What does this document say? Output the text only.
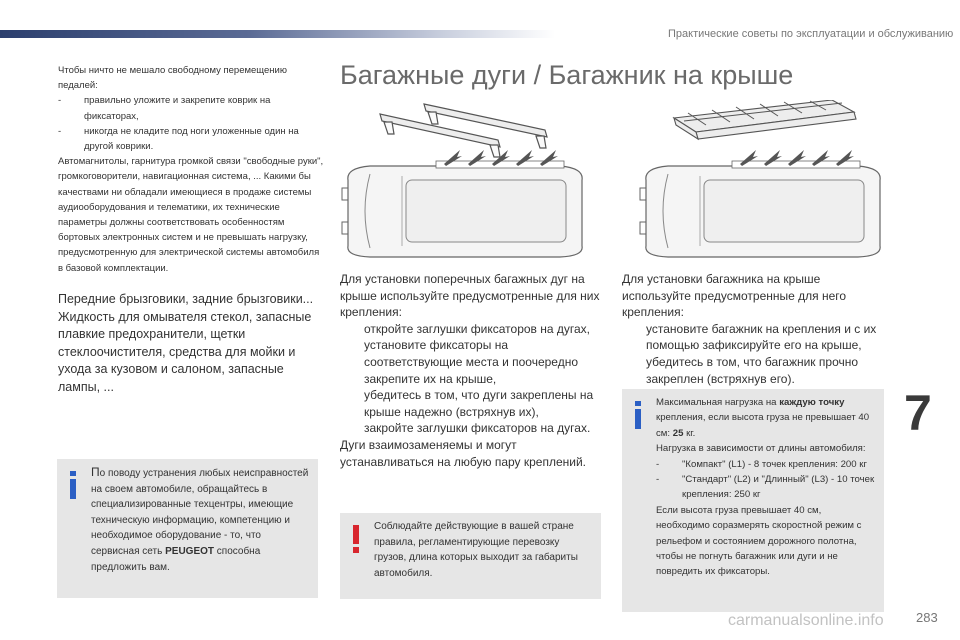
Практические советы по эксплуатации и обслуживанию
7
283
carmanualsonline.info

Чтобы ничто не мешало свободному перемещению педалей:

-	правильно уложите и закрепите коврик на фиксаторах,
-	никогда не кладите под ноги уложенные один на другой коврики.

Автомагнитолы, гарнитура громкой связи "свободные руки", громкоговорители, навигационная система, ... Какими бы качествами ни обладали имеющиеся в продаже системы аудиооборудования и телематики, их технические параметры должны соответствовать особенностям бортовых электронных систем и не превышать нагрузку, предусмотренную для электрической системы автомобиля в базовой комплектации.

Передние брызговики, задние брызговики... Жидкость для омывателя стекол, запасные плавкие предохранители, щетки стеклоочистителя, средства для мойки и ухода за кузовом и салоном, запасные лампы, ...

По поводу устранения любых неисправностей на своем автомобиле, обращайтесь в специализированные техцентры, имеющие техническую информацию, компетенцию и необходимое оборудование - то, что сервисная сеть PEUGEOT способна предложить вам.

Багажные дуги / Багажник на крыше

Для установки поперечных багажных дуг на крыше используйте предусмотренные для них крепления:

откройте заглушки фиксаторов на дугах,
установите фиксаторы на соответствующие места и поочередно закрепите их на крыше,
убедитесь в том, что дуги закреплены на крыше надежно (встряхнув их),
закройте заглушки фиксаторов на дугах.

Дуги взаимозаменяемы и могут устанавливаться на любую пару креплений.

Соблюдайте действующие в вашей стране правила, регламентирующие перевозку грузов, длина которых выходит за габариты автомобиля.

Для установки багажника на крыше используйте предусмотренные для него крепления:

установите багажник на крепления и с их помощью зафиксируйте его на крыше,
убедитесь в том, что багажник прочно закреплен (встряхнув его).

Максимальная нагрузка на каждую точку крепления, если высота груза не превышает 40 см: 25 кг.

Нагрузка в зависимости от длины автомобиля:

-	"Компакт" (L1) - 8 точек крепления: 200 кг
-	"Стандарт" (L2) и "Длинный" (L3) - 10 точек крепления: 250 кг

Если высота груза превышает 40 см, необходимо соразмерять скоростной режим с рельефом и состоянием дорожного полотна, чтобы не погнуть багажник или дуги и не повредить их фиксаторы.
